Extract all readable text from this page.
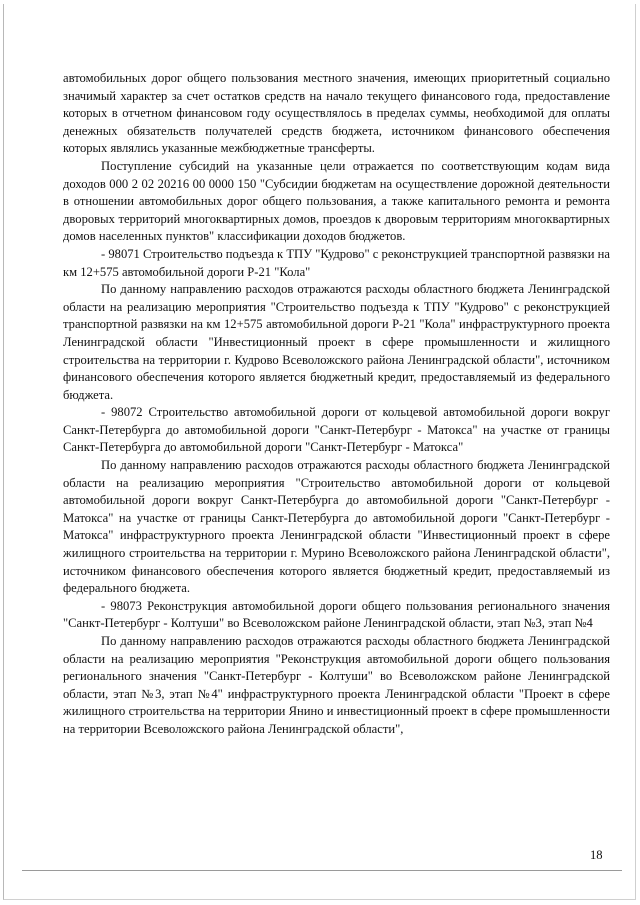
автомобильных дорог общего пользования местного значения, имеющих приоритетный социально значимый характер за счет остатков средств на начало текущего финансового года, предоставление которых в отчетном финансовом году осуществлялось в пределах суммы, необходимой для оплаты денежных обязательств получателей средств бюджета, источником финансового обеспечения которых являлись указанные межбюджетные трансферты.

Поступление субсидий на указанные цели отражается по соответствующим кодам вида доходов 000 2 02 20216 00 0000 150 "Субсидии бюджетам на осуществление дорожной деятельности в отношении автомобильных дорог общего пользования, а также капитального ремонта и ремонта дворовых территорий многоквартирных домов, проездов к дворовым территориям многоквартирных домов населенных пунктов" классификации доходов бюджетов.

- 98071 Строительство подъезда к ТПУ "Кудрово" с реконструкцией транспортной развязки на км 12+575 автомобильной дороги Р-21 "Кола"

По данному направлению расходов отражаются расходы областного бюджета Ленинградской области на реализацию мероприятия "Строительство подъезда к ТПУ "Кудрово" с реконструкцией транспортной развязки на км 12+575 автомобильной дороги Р-21 "Кола" инфраструктурного проекта Ленинградской области "Инвестиционный проект в сфере промышленности и жилищного строительства на территории г. Кудрово Всеволожского района Ленинградской области", источником финансового обеспечения которого является бюджетный кредит, предоставляемый из федерального бюджета.

- 98072 Строительство автомобильной дороги от кольцевой автомобильной дороги вокруг Санкт-Петербурга до автомобильной дороги "Санкт-Петербург - Матокса" на участке от границы Санкт-Петербурга до автомобильной дороги "Санкт-Петербург - Матокса"

По данному направлению расходов отражаются расходы областного бюджета Ленинградской области на реализацию мероприятия "Строительство автомобильной дороги от кольцевой автомобильной дороги вокруг Санкт-Петербурга до автомобильной дороги "Санкт-Петербург - Матокса" на участке от границы Санкт-Петербурга до автомобильной дороги "Санкт-Петербург - Матокса" инфраструктурного проекта Ленинградской области "Инвестиционный проект в сфере жилищного строительства на территории г. Мурино Всеволожского района Ленинградской области", источником финансового обеспечения которого является бюджетный кредит, предоставляемый из федерального бюджета.

- 98073 Реконструкция автомобильной дороги общего пользования регионального значения "Санкт-Петербург - Колтуши" во Всеволожском районе Ленинградской области, этап №3, этап №4

По данному направлению расходов отражаются расходы областного бюджета Ленинградской области на реализацию мероприятия "Реконструкция автомобильной дороги общего пользования регионального значения "Санкт-Петербург - Колтуши" во Всеволожском районе Ленинградской области, этап №3, этап №4" инфраструктурного проекта Ленинградской области "Проект в сфере жилищного строительства на территории Янино и инвестиционный проект в сфере промышленности на территории Всеволожского района Ленинградской области",

18
